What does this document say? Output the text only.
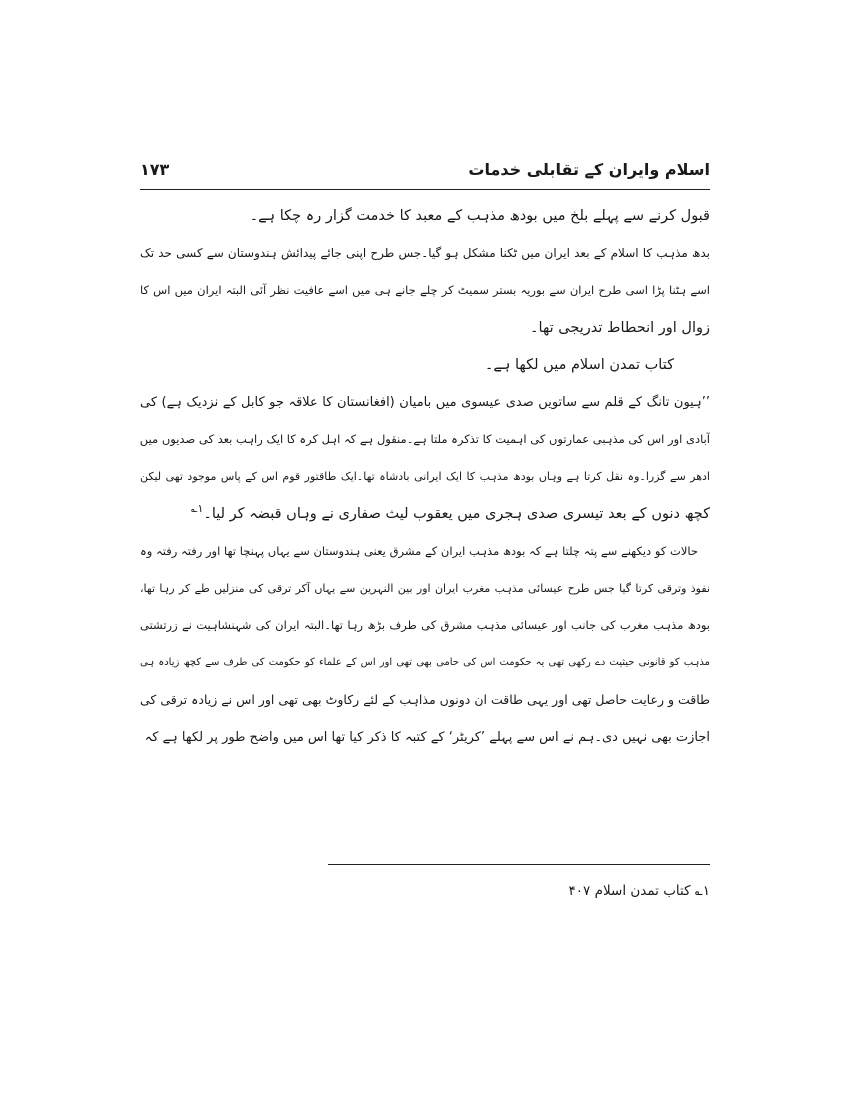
اسلام وایران کے تقابلی خدمات
١٧٣
قبول کرنے سے پہلے بلخ میں بودھ مذہب کے معبد کا خدمت گزار رہ چکا ہے۔
بدھ مذہب کا اسلام کے بعد ایران میں ٹکنا مشکل ہو گیا۔جس طرح اپنی جائے پیدائش ہندوستان سے کسی حد تک
اسے ہٹنا پڑا اسی طرح ایران سے بوریہ بستر سمیٹ کر چلے جانے ہی میں اسے عافیت نظر آئی البتہ ایران میں اس کا
زوال اور انحطاط تدریجی تھا۔
کتاب تمدن اسلام میں لکھا ہے۔
’’ہیون تانگ کے قلم سے ساتویں صدی عیسوی میں بامیان (افغانستان کا علاقہ جو کابل کے نزدیک ہے) کی
آبادی اور اس کی مذہبی عمارتوں کی اہمیت کا تذکرہ ملتا ہے۔منقول ہے کہ اہل کرہ کا ایک راہب بعد کی صدیوں میں
ادھر سے گزرا۔وہ نقل کرتا ہے وہاں بودھ مذہب کا ایک ایرانی بادشاہ تھا۔ایک طاقتور قوم اس کے پاس موجود تھی لیکن
کچھ دنوں کے بعد تیسری صدی ہجری میں یعقوب لیث صفاری نے وہاں قبضہ کر لیا۔$^{۱؎}$
حالات کو دیکھنے سے پتہ چلتا ہے کہ بودھ مذہب ایران کے مشرق یعنی ہندوستان سے یہاں پہنچا تھا اور رفتہ رفتہ وہ
نفوذ وترقی کرتا گیا جس طرح عیسائی مذہب مغرب ایران اور بین النہرین سے یہاں آکر ترقی کی منزلیں طے کر رہا تھا،
بودھ مذہب مغرب کی جانب اور عیسائی مذہب مشرق کی طرف بڑھ رہا تھا۔البتہ ایران کی شہنشاہیت نے زرتشتی
مذہب کو قانونی حیثیت دے رکھی تھی یہ حکومت اس کی حامی بھی تھی اور اس کے علماء کو حکومت کی طرف سے کچھ زیادہ ہی
طاقت و رعایت حاصل تھی اور یہی طاقت ان دونوں مذاہب کے لئے رکاوٹ بھی تھی اور اس نے زیادہ ترقی کی
اجازت بھی نہیں دی۔ہم نے اس سے پہلے ’کریٹر‘ کے کتبہ کا ذکر کیا تھا اس میں واضح طور پر لکھا ہے کہ
۱؎ کتاب تمدن اسلام ۴۰۷
